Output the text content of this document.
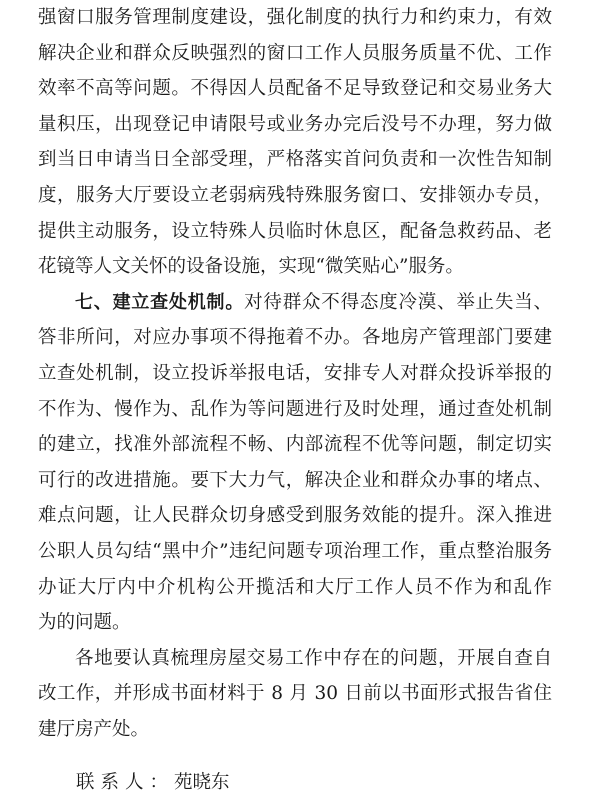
强窗口服务管理制度建设，强化制度的执行力和约束力，有效
解决企业和群众反映强烈的窗口工作人员服务质量不优、工作
效率不高等问题。不得因人员配备不足导致登记和交易业务大
量积压，出现登记申请限号或业务办完后没号不办理，努力做
到当日申请当日全部受理，严格落实首问负责和一次性告知制
度，服务大厅要设立老弱病残特殊服务窗口、安排领办专员，
提供主动服务，设立特殊人员临时休息区，配备急救药品、老
花镜等人文关怀的设备设施，实现“微笑贴心”服务。
七、建立查处机制。对待群众不得态度冷漠、举止失当、
答非所问，对应办事项不得拖着不办。各地房产管理部门要建
立查处机制，设立投诉举报电话，安排专人对群众投诉举报的
不作为、慢作为、乱作为等问题进行及时处理，通过查处机制
的建立，找准外部流程不畅、内部流程不优等问题，制定切实
可行的改进措施。要下大力气，解决企业和群众办事的堵点、
难点问题，让人民群众切身感受到服务效能的提升。深入推进
公职人员勾结“黑中介”违纪问题专项治理工作，重点整治服务
办证大厅内中介机构公开揽活和大厅工作人员不作为和乱作
为的问题。
各地要认真梳理房屋交易工作中存在的问题，开展自查自
改工作，并形成书面材料于 8 月 30 日前以书面形式报告省住
建厅房产处。
联系人：苑晓东
